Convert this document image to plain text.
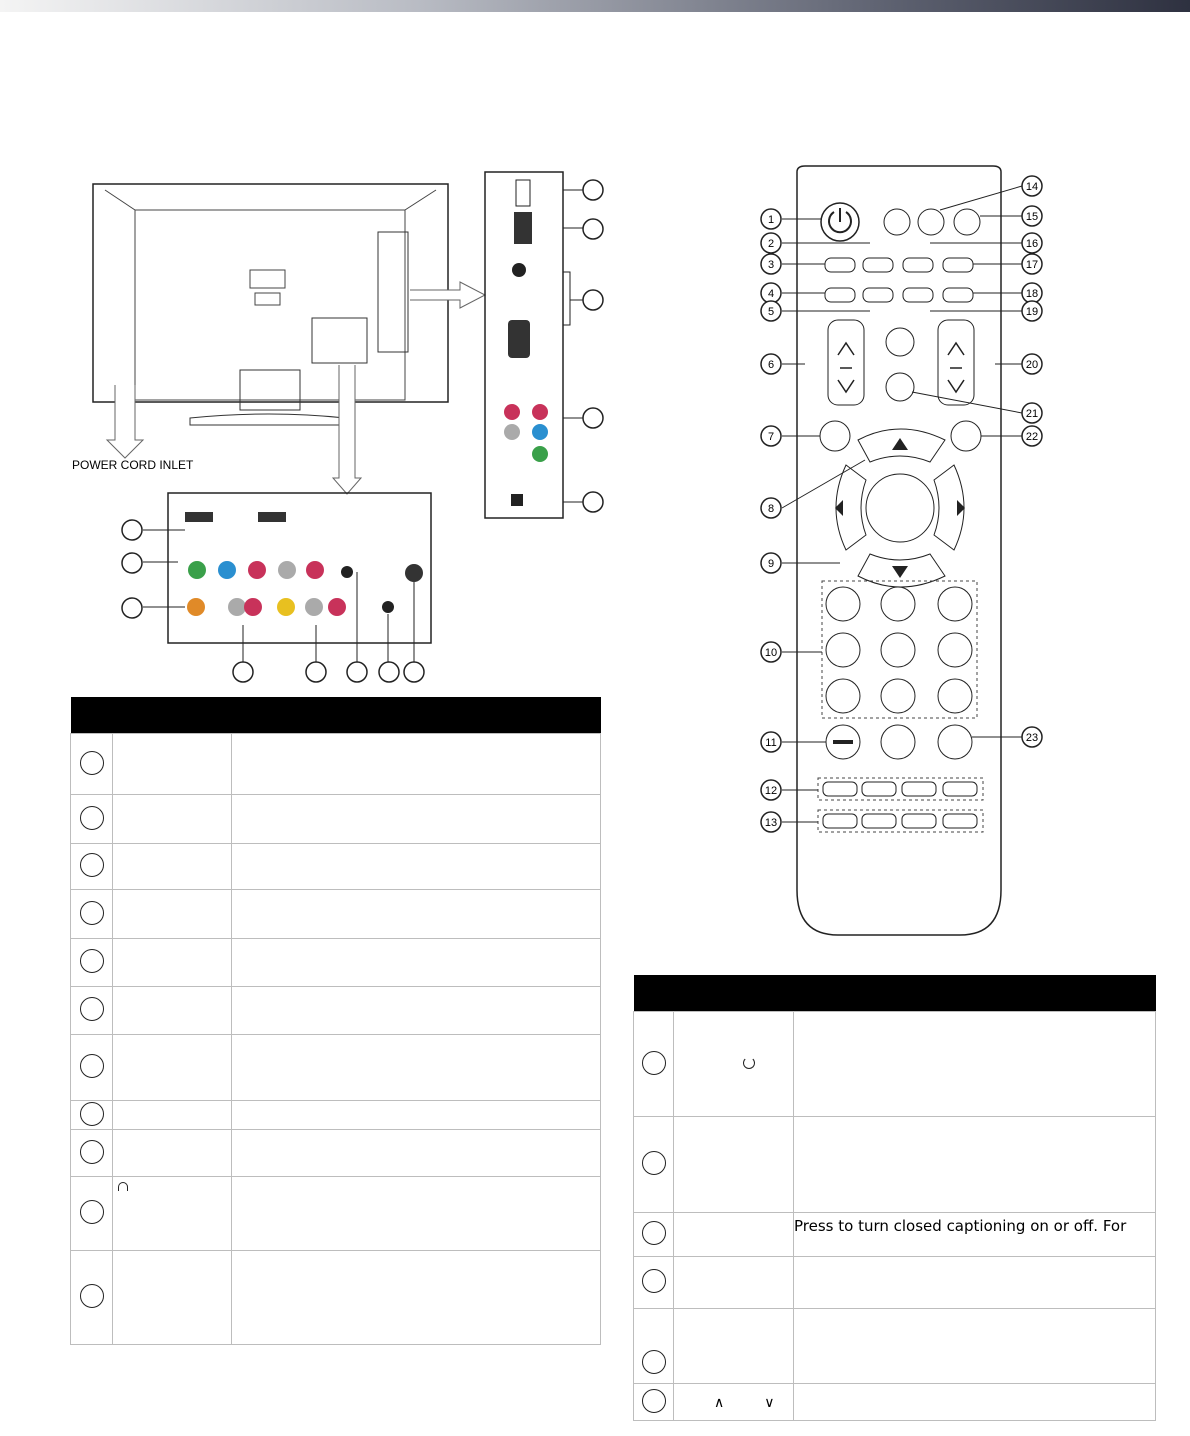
POWER CORD INLET
1
2
3
4
5
6
7
8
9
10
11
12
13
14
15
16
17
18
19
20
21
22
23

		Press to turn closed captioning on or off. For

	∧ ∨	
